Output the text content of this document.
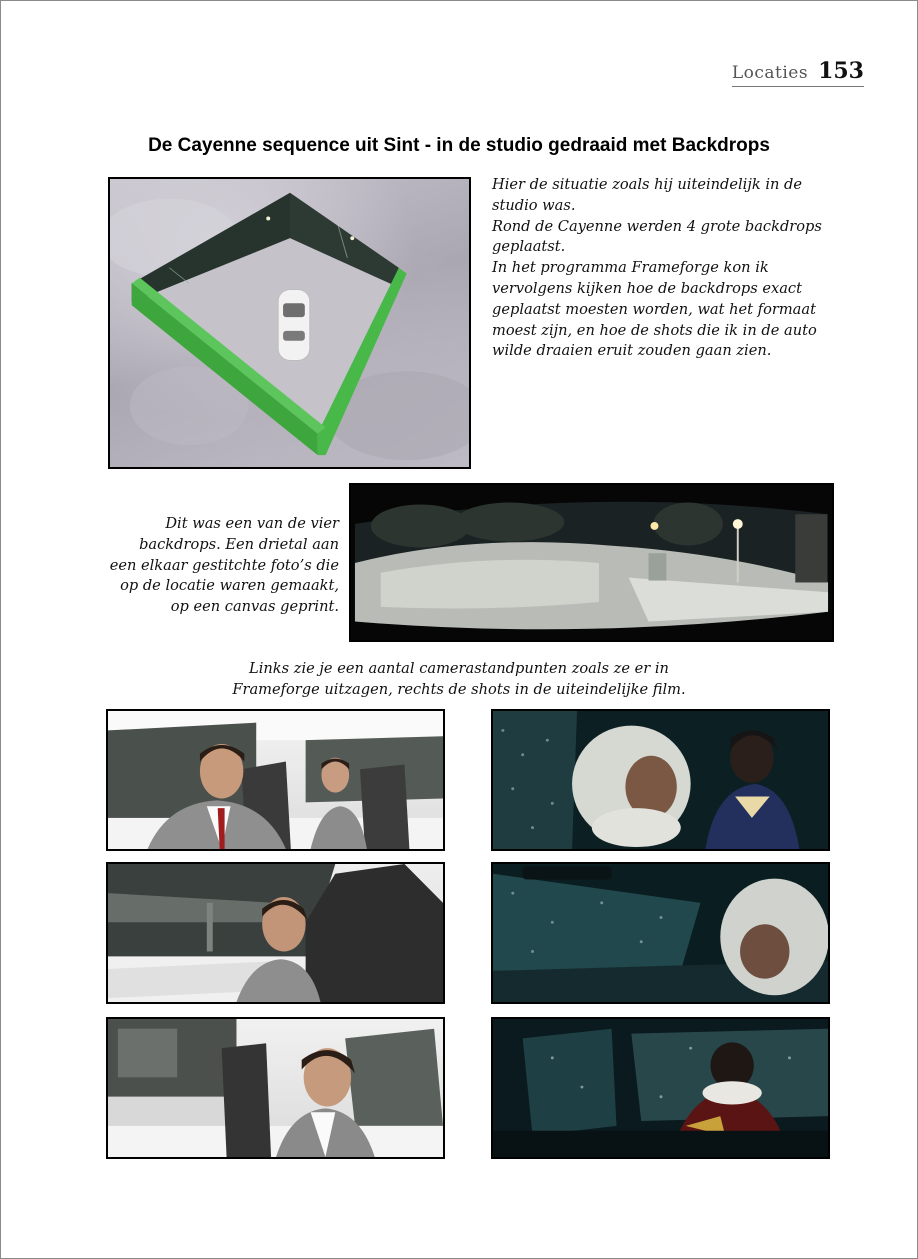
Locaties 153
De Cayenne sequence uit Sint - in de studio gedraaid met Backdrops
Hier de situatie zoals hij uiteindelijk in de
studio was.
Rond de Cayenne werden 4 grote backdrops
geplaatst.
In het programma Frameforge kon ik
vervolgens kijken hoe de backdrops exact
geplaatst moesten worden, wat het formaat
moest zijn, en hoe de shots die ik in de auto
wilde draaien eruit zouden gaan zien.
Dit was een van de vier
backdrops. Een drietal aan
een elkaar gestitchte foto’s die
op de locatie waren gemaakt,
op een canvas geprint.
Links zie je een aantal camerastandpunten zoals ze er in
Frameforge uitzagen, rechts de shots in de uiteindelijke film.
